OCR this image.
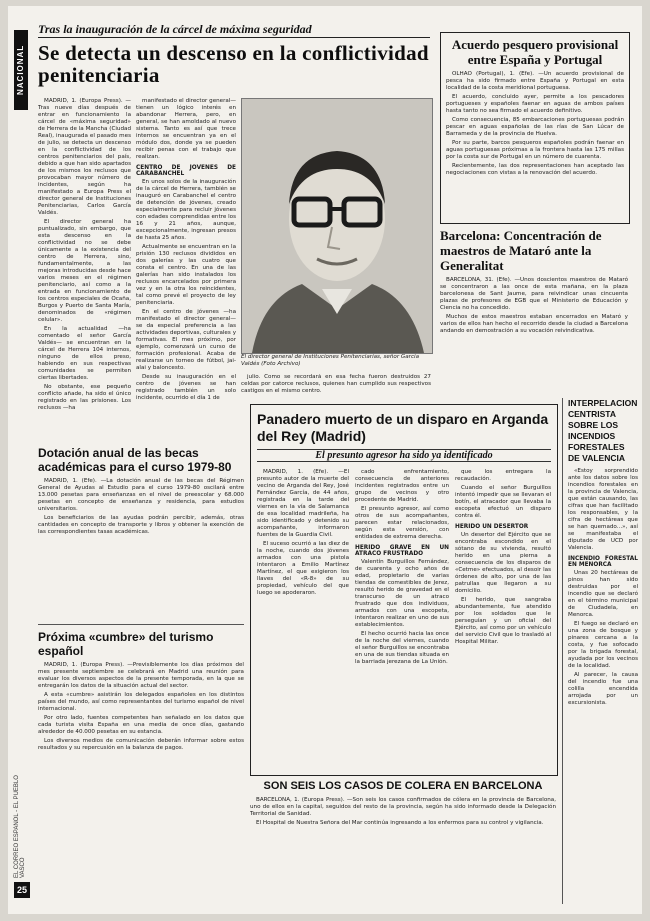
NACIONAL
EL CORREO ESPAÑOL - EL PUEBLO VASCO
25
Tras la inauguración de la cárcel de máxima seguridad
Se detecta un descenso en la conflictividad penitenciaria

MADRID, 1. (Europa Press). —Tras nueve días después de entrar en funcionamiento la cárcel de «máxima seguridad» de Herrera de la Mancha (Ciudad Real), inaugurada el pasado mes de julio, se detecta un descenso en la conflictividad de los centros penitenciarios del país, debido a que han sido apartados de los mismos los reclusos que provocaban mayor número de incidentes, según ha manifestado a Europa Press el director general de Instituciones Penitenciarias, Carlos García Valdés.

El director general ha puntualizado, sin embargo, que esta descenso en la conflictividad no se debe únicamente a la existencia del centro de Herrera, sino, fundamentalmente, a las mejoras introducidas desde hace varios meses en el régimen penitenciario, así como a la entrada en funcionamiento de los centros especiales de Ocaña, Burgos y Puerto de Santa María, denominados de «régimen celular».

En la actualidad —ha comentado el señor García Valdés— se encuentran en la cárcel de Herrera 104 internos, ninguno de ellos preso, habiendo en sus respectivas comunidades se permiten ciertas libertades.

No obstante, ese pequeño conflicto añade, ha sido el único registrado en las prisiones. Los reclusos —ha

manifestado el director general— tienen un lógico interés en abandonar Herrera, pero, en general, se han amoldado al nuevo sistema. Tanto es así que trece internos se encuentran ya en el módulo dos, donde ya se pueden recibir penas con el trabajo que realizan.

CENTRO DE JOVENES DE CARABANCHEL

En unos solos de la inauguración de la cárcel de Herrera, también se inauguró en Carabanchel el centro de detención de jóvenes, creado especialmente para recluir jóvenes con edades comprendidas entre los 16 y 21 años, aunque, excepcionalmente, ingresan presos de hasta 25 años.

Actualmente se encuentran en la prisión 130 reclusos divididos en dos galerías y las cuatro que consta el centro. En una de las galerías han sido instalados los reclusos encarcelados por primera vez y en la otra los reincidentes, tal como prevé el proyecto de ley penitenciaria.

En el centro de jóvenes —ha manifestado el director general— se da especial preferencia a las actividades deportivas, culturales y formativas. El mes próximo, por ejemplo, comenzará un curso de formación profesional. Acaba de realizarse un torneo de fútbol, jai-alai y baloncesto.

Desde su inauguración en el centro de jóvenes se han registrado también un solo incidente, ocurrido el día 1 de

El director general de Instituciones Penitenciarias, señor García Valdés (Foto Archivo)

julio. Como se recordará en esa fecha fueron destruidos 27 celdas por catorce reclusos, quienes han cumplido sus respectivos castigos en el mismo centro.

Acuerdo pesquero provisional entre España y Portugal

OLHAO (Portugal), 1. (Efe). —Un acuerdo provisional de pesca ha sido firmado entre España y Portugal en esta localidad de la costa meridional portuguesa.

El acuerdo, concluido ayer, permite a los pescadores portugueses y españoles faenar en aguas de ambos países hasta tanto no sea firmado el acuerdo definitivo.

Como consecuencia, 85 embarcaciones portuguesas podrán pescar en aguas españolas de las rías de San Lúcar de Barrameda y de la provincia de Huelva.

Por su parte, barcos pesqueros españoles podrán faenar en aguas portuguesas próximas a la frontera hasta las 175 millas por la costa sur de Portugal en un número de cuarenta.

Recientemente, las dos representaciones han aceptado las negociaciones con vistas a la renovación del acuerdo.

Barcelona: Concentración de maestros de Mataró ante la Generalitat

BARCELONA, 31. (Efe). —Unos doscientos maestros de Mataró se concentraron a las once de esta mañana, en la plaza barcelonesa de Sant Jaume, para reivindicar unas cincuenta plazas de profesores de EGB que el Ministerio de Educación y Ciencia no ha concedido.

Muchos de estos maestros estaban encerrados en Mataró y varios de ellos han hecho el recorrido desde la ciudad a Barcelona andando en demostración a su vocación reivindicativa.

Panadero muerto de un disparo en Arganda del Rey (Madrid)
El presunto agresor ha sido ya identificado

MADRID, 1. (Efe). —El presunto autor de la muerte del vecino de Arganda del Rey, José Fernández García, de 44 años, registrada en la tarde del viernes en la vía de Salamanca de esa localidad madrileña, ha sido identificado y detenido su acompañante, informaron fuentes de la Guardia Civil.

El suceso ocurrió a las diez de la noche, cuando dos jóvenes armados con una pistola intentaron a Emilio Martínez Martínez, el que exigieron los llaves del «R-8» de su propiedad, vehículo del que luego se apoderaron.

cado enfrentamiento, consecuencia de anteriores incidentes registrados entre un grupo de vecinos y otro procedente de Madrid.

El presunto agresor, así como otros de sus acompañantes, parecen estar relacionados, según esta versión, con entidades de extrema derecha.

HERIDO GRAVE EN UN ATRACO FRUSTRADO

Valentín Burguillos Fernández, de cuarenta y ocho años de edad, propietario de varias tiendas de comestibles de Jerez, resultó herido de gravedad en el transcurso de un atraco frustrado que dos individuos, armados con una escopeta, intentaron realizar en uno de sus establecimientos.

El hecho ocurrió hacia las once de la noche del viernes, cuando el señor Burguillos se encontraba en una de sus tiendas situada en la barriada jerezana de La Unión.

que los entregara la recaudación.

Cuando el señor Burguillos intentó impedir que se llevaran el botín, el atracador que llevaba la escopeta efectuó un disparo contra él.

HERIDO UN DESERTOR

Un desertor del Ejército que se encontraba escondido en el sótano de su vivienda, resultó herido en una pierna a consecuencia de los disparos de «Cetme» efectuados, al desoir las órdenes de alto, por una de las patrullas que llegaron a su domicilio.

El herido, que sangraba abundantemente, fue atendido por los soldados que le perseguían y un oficial del Ejército, así como por un vehículo del servicio Civil que lo trasladó al Hospital Militar.

Dotación anual de las becas académicas para el curso 1979-80

MADRID, 1. (Efe). —La dotación anual de las becas del Régimen General de Ayudas al Estudio para el curso 1979-80 oscilará entre 13.000 pesetas para enseñanzas en el nivel de preescolar y 68.000 pesetas en concepto de enseñanza y residencia, para estudios universitarios.

Los beneficiarios de las ayudas podrán percibir, además, otras cantidades en concepto de transporte y libros y obtener la exención de las correspondientes tasas académicas.

Próxima «cumbre» del turismo español

MADRID, 1. (Europa Press). —Previsiblemente los días próximos del mes presente septiembre se celebrará en Madrid una reunión para evaluar los diversos aspectos de la presente temporada, en la que se entregarán los datos de la situación actual del sector.

A esta «cumbre» asistirán los delegados españoles en los distintos países del mundo, así como representantes del turismo español de nivel internacional.

Por otro lado, fuentes competentes han señalado en los datos que cada turista visita España en una media de once días, gastando alrededor de 40.000 pesetas en su estancia.

Los diversos medios de comunicación deberán informar sobre estos resultados y su repercusión en la balanza de pagos.

SON SEIS LOS CASOS DE COLERA EN BARCELONA

BARCELONA, 1. (Europa Press). —Son seis los casos confirmados de cólera en la provincia de Barcelona, uno de ellos en la capital, seguidos del resto de la provincia, según ha sido informado desde la Delegación Territorial de Sanidad.

El Hospital de Nuestra Señora del Mar continúa ingresando a los enfermos para su control y vigilancia.

INTERPELACION CENTRISTA SOBRE LOS INCENDIOS FORESTALES DE VALENCIA

«Estoy sorprendido ante los datos sobre los incendios forestales en la provincia de Valencia, que están causando, las cifras que han facilitado los responsables, y la cifra de hectáreas que se han quemado...», así se manifestaba el diputado de UCD por Valencia.

INCENDIO FORESTAL EN MENORCA

Unas 20 hectáreas de pinos han sido destruidas por el incendio que se declaró en el término municipal de Ciudadela, en Menorca.

El fuego se declaró en una zona de bosque y pinares cercana a la costa, y fue sofocado por la brigada forestal, ayudada por los vecinos de la localidad.

Al parecer, la causa del incendio fue una colilla encendida arrojada por un excursionista.
